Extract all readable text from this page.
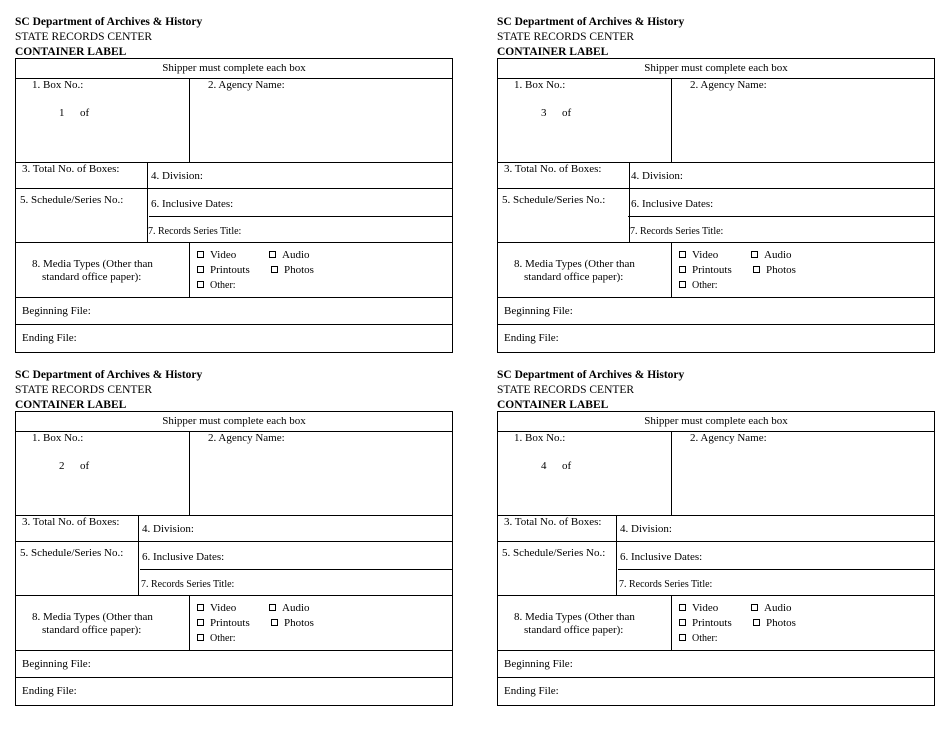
SC Department of Archives & History
STATE RECORDS CENTER
CONTAINER LABEL
Shipper must complete each box
1. Box No.:
1 of
2. Agency Name:
3. Total No. of Boxes:
4. Division:
5. Schedule/Series No.:	6. Inclusive Dates:
7. Records Series Title:
8. Media Types (Other than
standard office paper):
Video	Audio
Printouts	Photos
Other:
Beginning File:
Ending File:
SC Department of Archives & History
STATE RECORDS CENTER
CONTAINER LABEL
Shipper must complete each box
1. Box No.:
3 of
2. Agency Name:
3. Total No. of Boxes:
4. Division:
5. Schedule/Series No.: 6. Inclusive Dates:
7. Records Series Title:
8. Media Types (Other than
standard office paper):
Video	Audio
Printouts	Photos
Other:
Beginning File:
Ending File:
SC Department of Archives & History
STATE RECORDS CENTER
CONTAINER LABEL
Shipper must complete each box
1. Box No.:
2 of
2. Agency Name:
3. Total No. of Boxes:
4. Division:
5. Schedule/Series No.: 6. Inclusive Dates:
7. Records Series Title:
8. Media Types (Other than
standard office paper):
Video	Audio
Printouts	Photos
Other:
Beginning File:
Ending File:
SC Department of Archives & History
STATE RECORDS CENTER
CONTAINER LABEL
Shipper must complete each box
1. Box No.:
4 of
2. Agency Name:
3. Total No. of Boxes:
4. Division:
5. Schedule/Series No.: 6. Inclusive Dates:
7. Records Series Title:
8. Media Types (Other than
standard office paper):
Video	Audio
Printouts	Photos
Other:
Beginning File:
Ending File:
